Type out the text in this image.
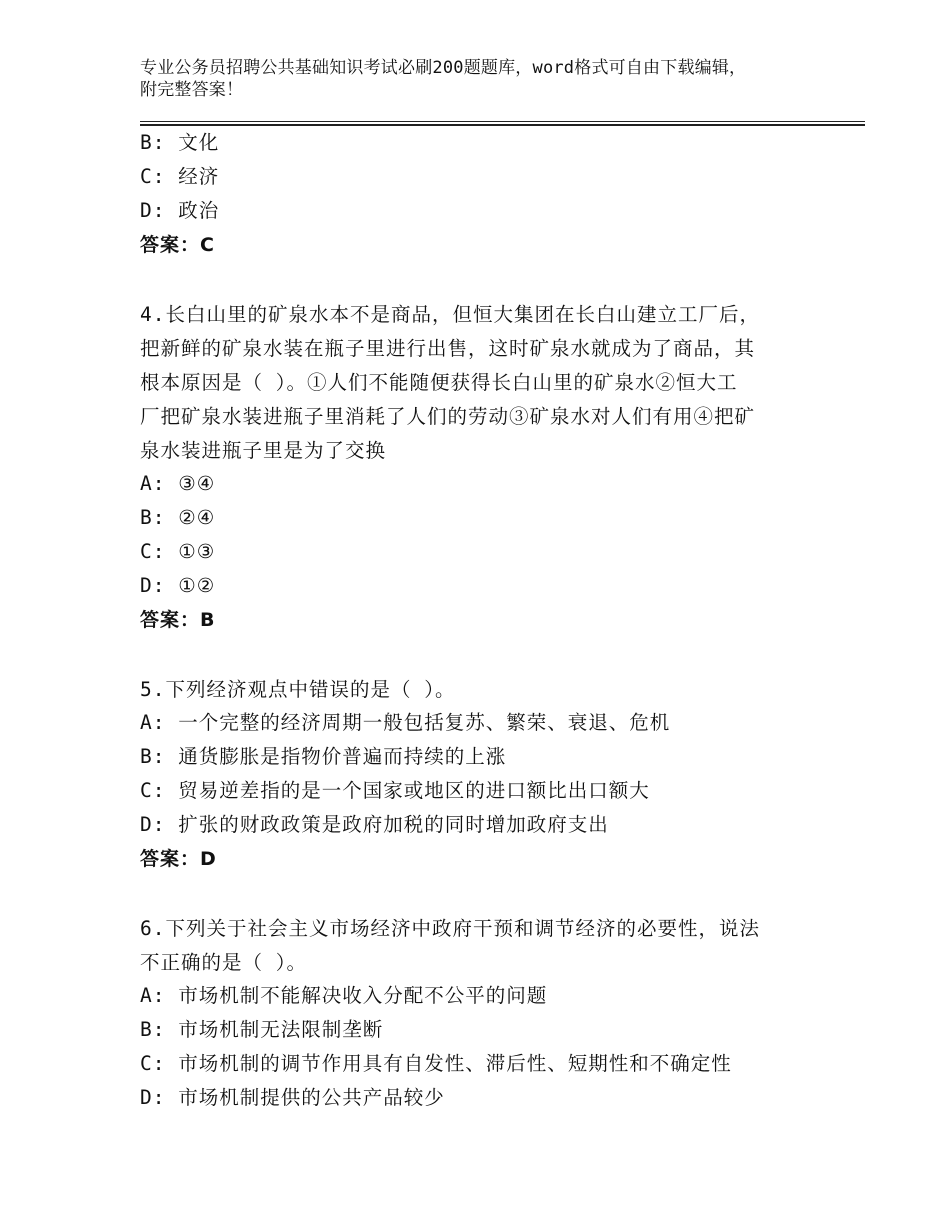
专业公务员招聘公共基础知识考试必刷200题题库，word格式可自由下载编辑，
附完整答案！
B: 文化
C: 经济
D: 政治
答案：C
4.长白山里的矿泉水本不是商品，但恒大集团在长白山建立工厂后，
把新鲜的矿泉水装在瓶子里进行出售，这时矿泉水就成为了商品，其
根本原因是（ ）。①人们不能随便获得长白山里的矿泉水②恒大工
厂把矿泉水装进瓶子里消耗了人们的劳动③矿泉水对人们有用④把矿
泉水装进瓶子里是为了交换
A: ③④
B: ②④
C: ①③
D: ①②
答案：B
5.下列经济观点中错误的是（ ）。
A: 一个完整的经济周期一般包括复苏、繁荣、衰退、危机
B: 通货膨胀是指物价普遍而持续的上涨
C: 贸易逆差指的是一个国家或地区的进口额比出口额大
D: 扩张的财政政策是政府加税的同时增加政府支出
答案：D
6.下列关于社会主义市场经济中政府干预和调节经济的必要性，说法
不正确的是（ ）。
A: 市场机制不能解决收入分配不公平的问题
B: 市场机制无法限制垄断
C: 市场机制的调节作用具有自发性、滞后性、短期性和不确定性
D: 市场机制提供的公共产品较少
